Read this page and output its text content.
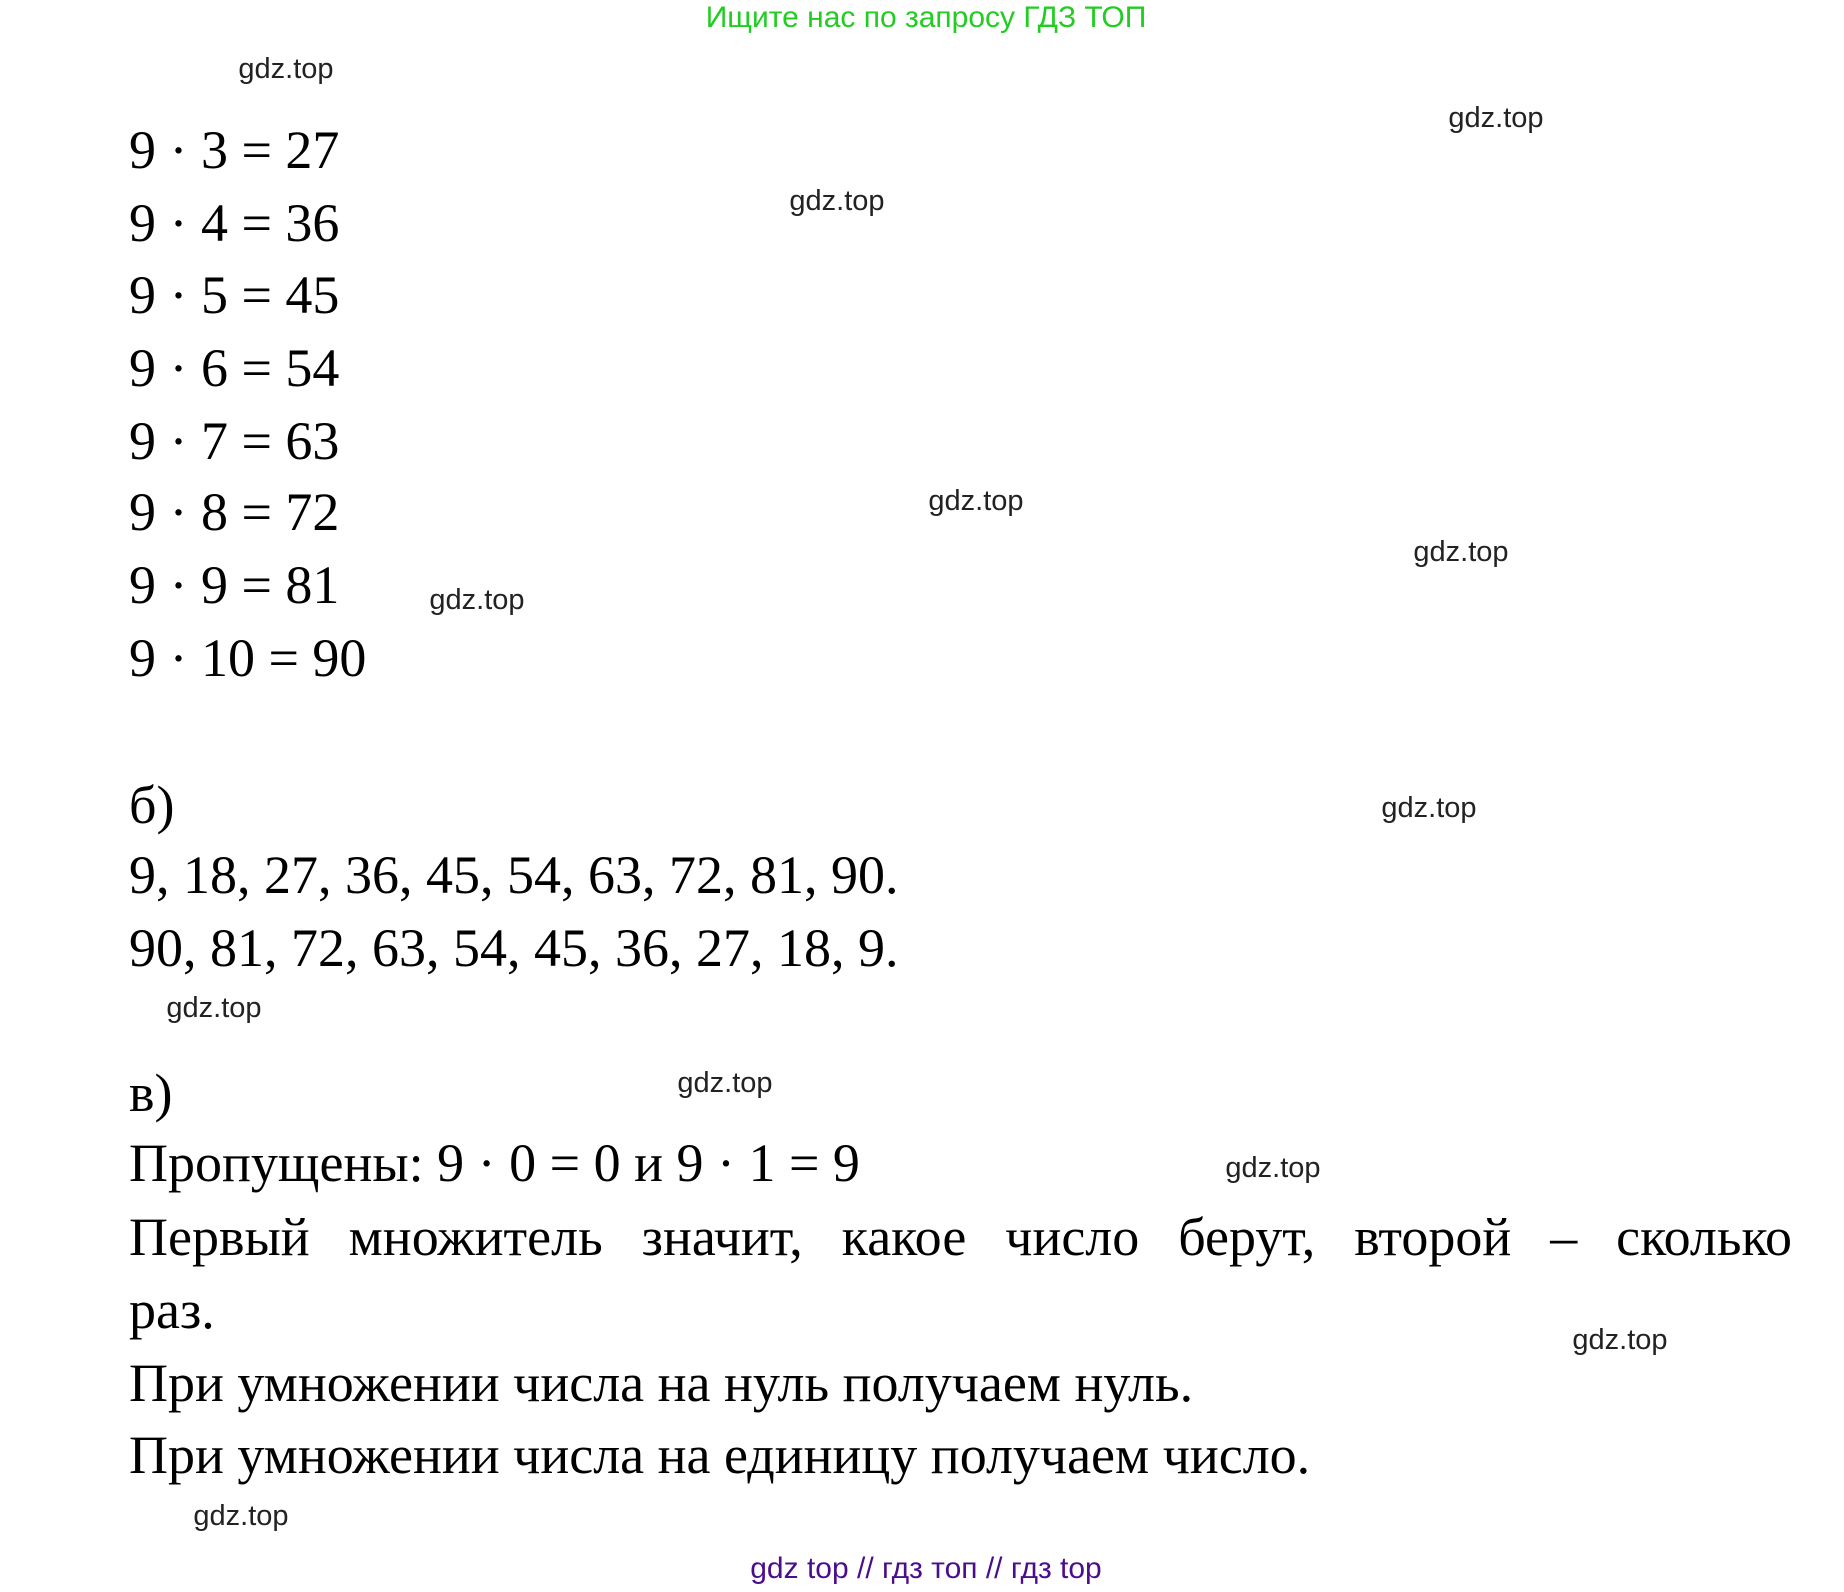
Ищите нас по запросу ГДЗ ТОП
9 · 3 = 27
9 · 4 = 36
9 · 5 = 45
9 · 6 = 54
9 · 7 = 63
9 · 8 = 72
9 · 9 = 81
9 · 10 = 90
б)
9, 18, 27, 36, 45, 54, 63, 72, 81, 90.
90, 81, 72, 63, 54, 45, 36, 27, 18, 9.
в)
Пропущены: 9 · 0 = 0 и 9 · 1 = 9
Первый множитель значит, какое число берут, второй – сколько
раз.
При умножении числа на нуль получаем нуль.
При умножении числа на единицу получаем число.
gdz.top
gdz.top
gdz.top
gdz.top
gdz.top
gdz.top
gdz.top
gdz.top
gdz.top
gdz.top
gdz.top
gdz.top
gdz top // гдз топ // гдз top
